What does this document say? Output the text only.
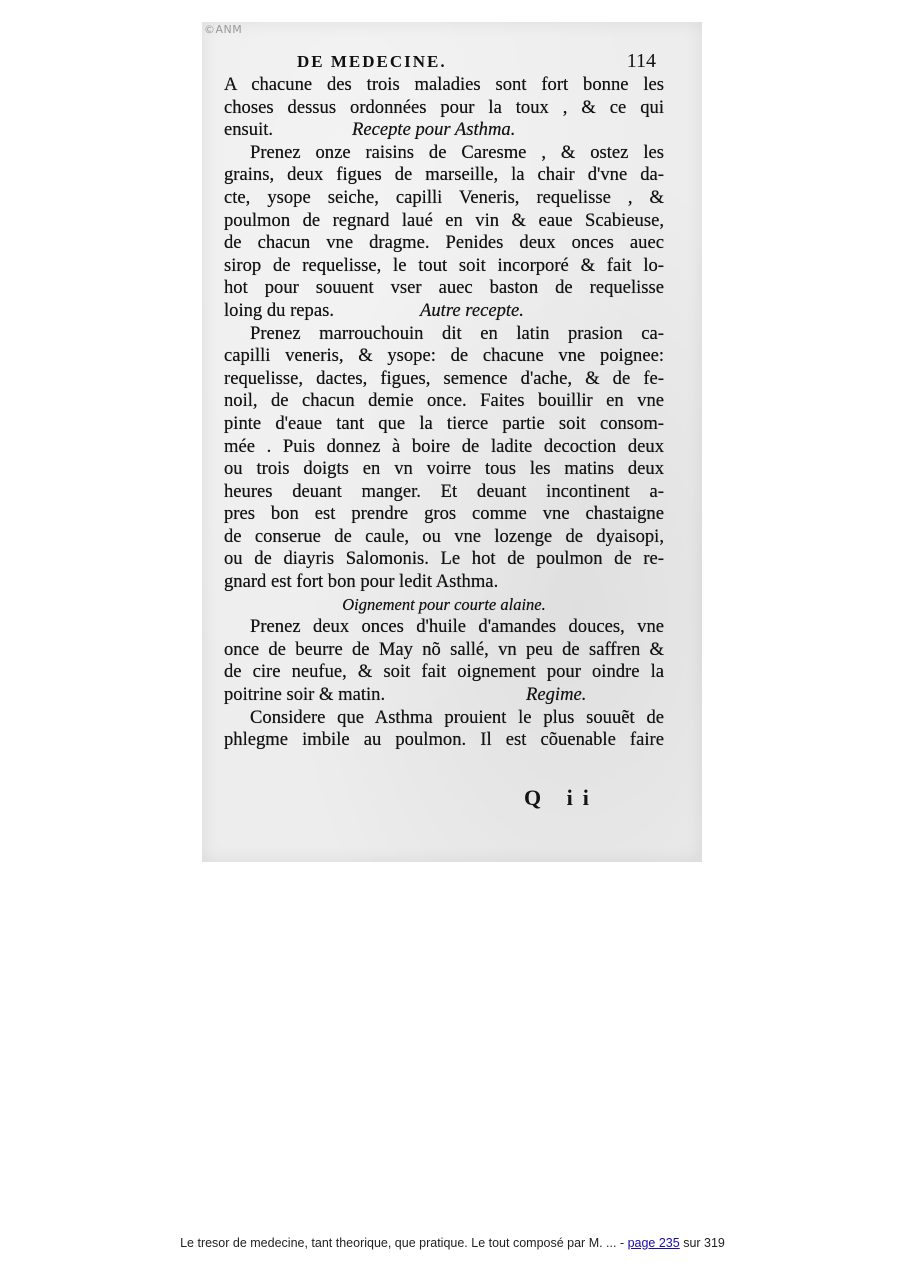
©ANM
DE MEDECINE.	114
A chacune des trois maladies sont fort bonne les
choses dessus ordonnées pour la toux , & ce qui
ensuit.	Recepte pour Asthma.
Prenez onze raisins de Caresme , & ostez les
grains, deux figues de marseille, la chair d'vne da-
cte, ysope seiche, capilli Veneris, requelisse , &
poulmon de regnard laué en vin & eaue Scabieuse,
de chacun vne dragme. Penides deux onces auec
sirop de requelisse, le tout soit incorporé & fait lo-
hot pour souuent vser auec baston de requelisse
loing du repas.	Autre recepte.
Prenez marrouchouin dit en latin prasion ca-
capilli veneris, & ysope: de chacune vne poignee:
requelisse, dactes, figues, semence d'ache, & de fe-
noil, de chacun demie once. Faites bouillir en vne
pinte d'eaue tant que la tierce partie soit consom-
mée . Puis donnez à boire de ladite decoction deux
ou trois doigts en vn voirre tous les matins deux
heures deuant manger. Et deuant incontinent a-
pres bon est prendre gros comme vne chastaigne
de conserue de caule, ou vne lozenge de dyaisopi,
ou de diayris Salomonis. Le hot de poulmon de re-
gnard est fort bon pour ledit Asthma.
Oignement pour courte alaine.
Prenez deux onces d'huile d'amandes douces, vne
once de beurre de May nõ sallé, vn peu de saffren &
de cire neufue, & soit fait oignement pour oindre la
poitrine soir & matin.	Regime.
Considere que Asthma prouient le plus souuẽt de
phlegme imbile au poulmon. Il est cõuenable faire
Q ii
Le tresor de medecine, tant theorique, que pratique. Le tout composé par M. ... - page 235 sur 319
